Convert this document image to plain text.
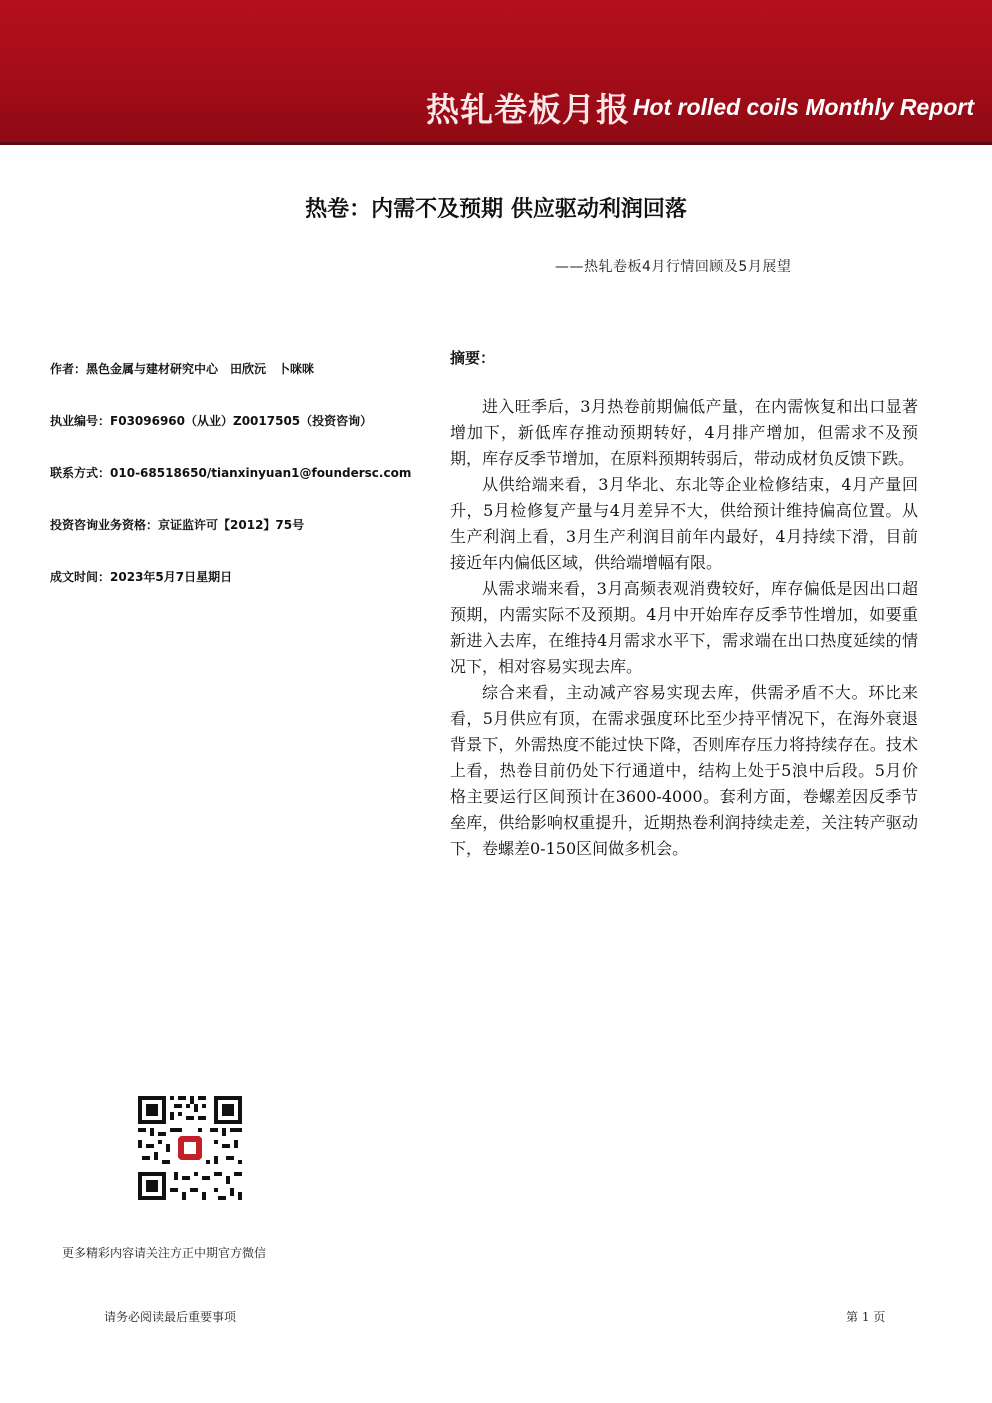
热轧卷板月报 Hot rolled coils Monthly Report
热卷：内需不及预期 供应驱动利润回落
——热轧卷板4月行情回顾及5月展望
作者：黑色金属与建材研究中心　田欣沅　卜咪咪
执业编号：F03096960（从业）Z0017505（投资咨询）
联系方式：010-68518650/tianxinyuan1@foundersc.com
投资咨询业务资格：京证监许可【2012】75号
成文时间：2023年5月7日星期日
摘要：

进入旺季后，3月热卷前期偏低产量，在内需恢复和出口显著增加下，新低库存推动预期转好，4月排产增加，但需求不及预期，库存反季节增加，在原料预期转弱后，带动成材负反馈下跌。

从供给端来看，3月华北、东北等企业检修结束，4月产量回升，5月检修复产量与4月差异不大，供给预计维持偏高位置。从生产利润上看，3月生产利润目前年内最好，4月持续下滑，目前接近年内偏低区域，供给端增幅有限。

从需求端来看，3月高频表观消费较好，库存偏低是因出口超预期，内需实际不及预期。4月中开始库存反季节性增加，如要重新进入去库，在维持4月需求水平下，需求端在出口热度延续的情况下，相对容易实现去库。

综合来看，主动减产容易实现去库，供需矛盾不大。环比来看，5月供应有顶，在需求强度环比至少持平情况下，在海外衰退背景下，外需热度不能过快下降，否则库存压力将持续存在。技术上看，热卷目前仍处下行通道中，结构上处于5浪中后段。5月价格主要运行区间预计在3600-4000。套利方面，卷螺差因反季节垒库，供给影响权重提升，近期热卷利润持续走差，关注转产驱动下，卷螺差0-150区间做多机会。

更多精彩内容请关注方正中期官方微信
请务必阅读最后重要事项	第 1 页
